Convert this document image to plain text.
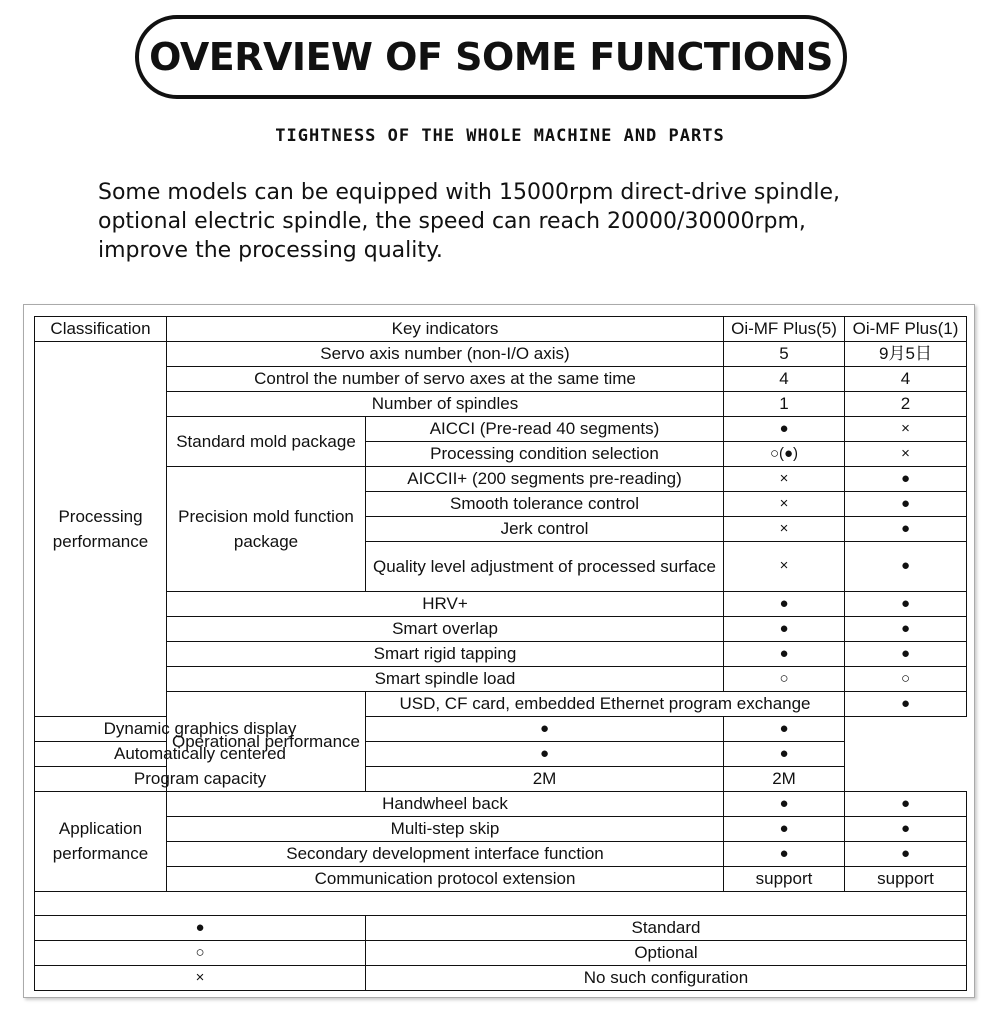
OVERVIEW OF SOME FUNCTIONS
TIGHTNESS OF THE WHOLE MACHINE AND PARTS
Some models can be equipped with 15000rpm direct-drive spindle,
optional electric spindle, the speed can reach 20000/30000rpm,
improve the processing quality.
Classification	Key indicators		Oi-MF Plus(5)	Oi-MF Plus(1)	
Processing performance	Servo axis number (non-I/O axis)		5	9月5日	
	Control the number of servo axes at the same time		4	4	
	Number of spindles		1	2	
	Standard mold package	AICCI (Pre-read 40 segments)	●	×	
		Processing condition selection	○(●)	×	
	Precision mold function package	AICCII+ (200 segments pre-reading)	×	●	
		Smooth tolerance control	×	●	
		Jerk control	×	●	
		Quality level adjustment of processed surface	×	●	
	HRV+		●	●	
	Smart overlap		●	●	
	Smart rigid tapping		●	●	
	Smart spindle load		○	○	
	Operational performance	USD, CF card, embedded Ethernet program exchange		●	
Dynamic graphics display		●	●		
Automatically centered		●	●		
Program capacity		2M	2M		
Application performance	Handwheel back		●	●	
	Multi-step skip		●	●	
	Secondary development interface function		●	●	
	Communication protocol extension		support	support	

●		Standard			
○		Optional			
×		No such configuration			
